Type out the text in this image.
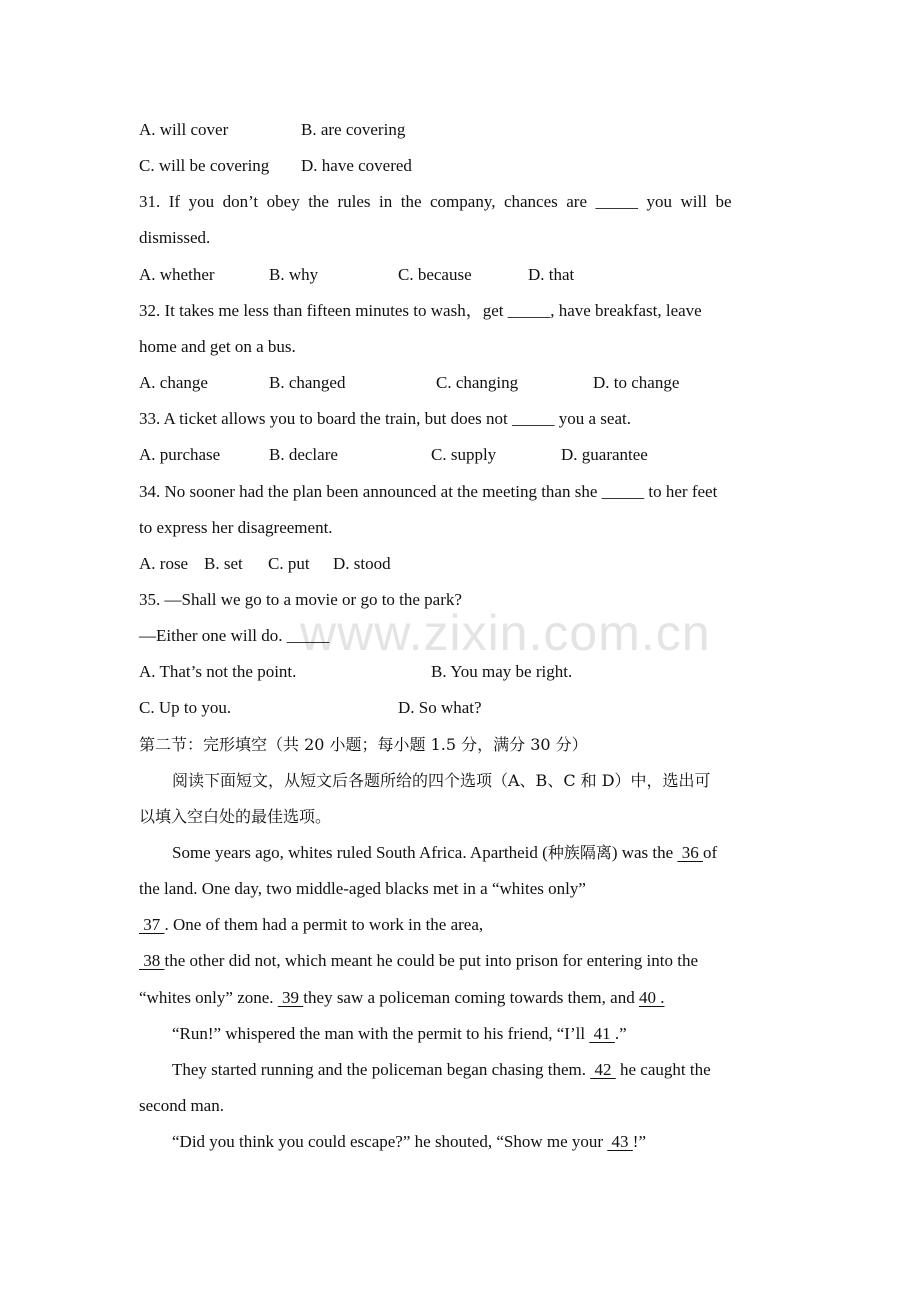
www.zixin.com.cn
A. will cover	B. are covering
C. will be covering D. have covered
31.  If  you  don’t  obey  the  rules  in  the  company,  chances  are  _____  you  will  be
dismissed.
A. whether	B. why	C. because	D. that
32. It takes me less than fifteen minutes to wash，get _____, have breakfast, leave
home and get on a bus.
A. change	B. changed	C. changing	D. to change
33. A ticket allows you to board the train, but does not _____ you a seat.
A. purchase	B. declare	C. supply	D. guarantee
34. No sooner had the plan been announced at the meeting than she _____ to her feet
to express her disagreement.
A. rose B. set C. put D. stood
35. —Shall we go to a movie or go to the park?
—Either one will do. _____
A. That’s not the point.	B. You may be right.
C. Up to you.	D. So what?
第二节：完形填空（共 20 小题；每小题 1.5 分，满分 30 分）
阅读下面短文，从短文后各题所给的四个选项（A、B、C 和 D）中，选出可
以填入空白处的最佳选项。
Some years ago, whites ruled South Africa. Apartheid (种族隔离) was the  36 of
the land. One day, two middle-aged blacks met in a “whites only”
37 . One of them had a permit to work in the area,
38 the other did not, which meant he could be put into prison for entering into the
“whites only” zone.  39 they saw a policeman coming towards them, and 40 .
“Run!” whispered the man with the permit to his friend, “I’ll  41 .”
They started running and the policeman began chasing them.  42  he caught the
second man.
“Did you think you could escape?” he shouted, “Show me your  43 !”
